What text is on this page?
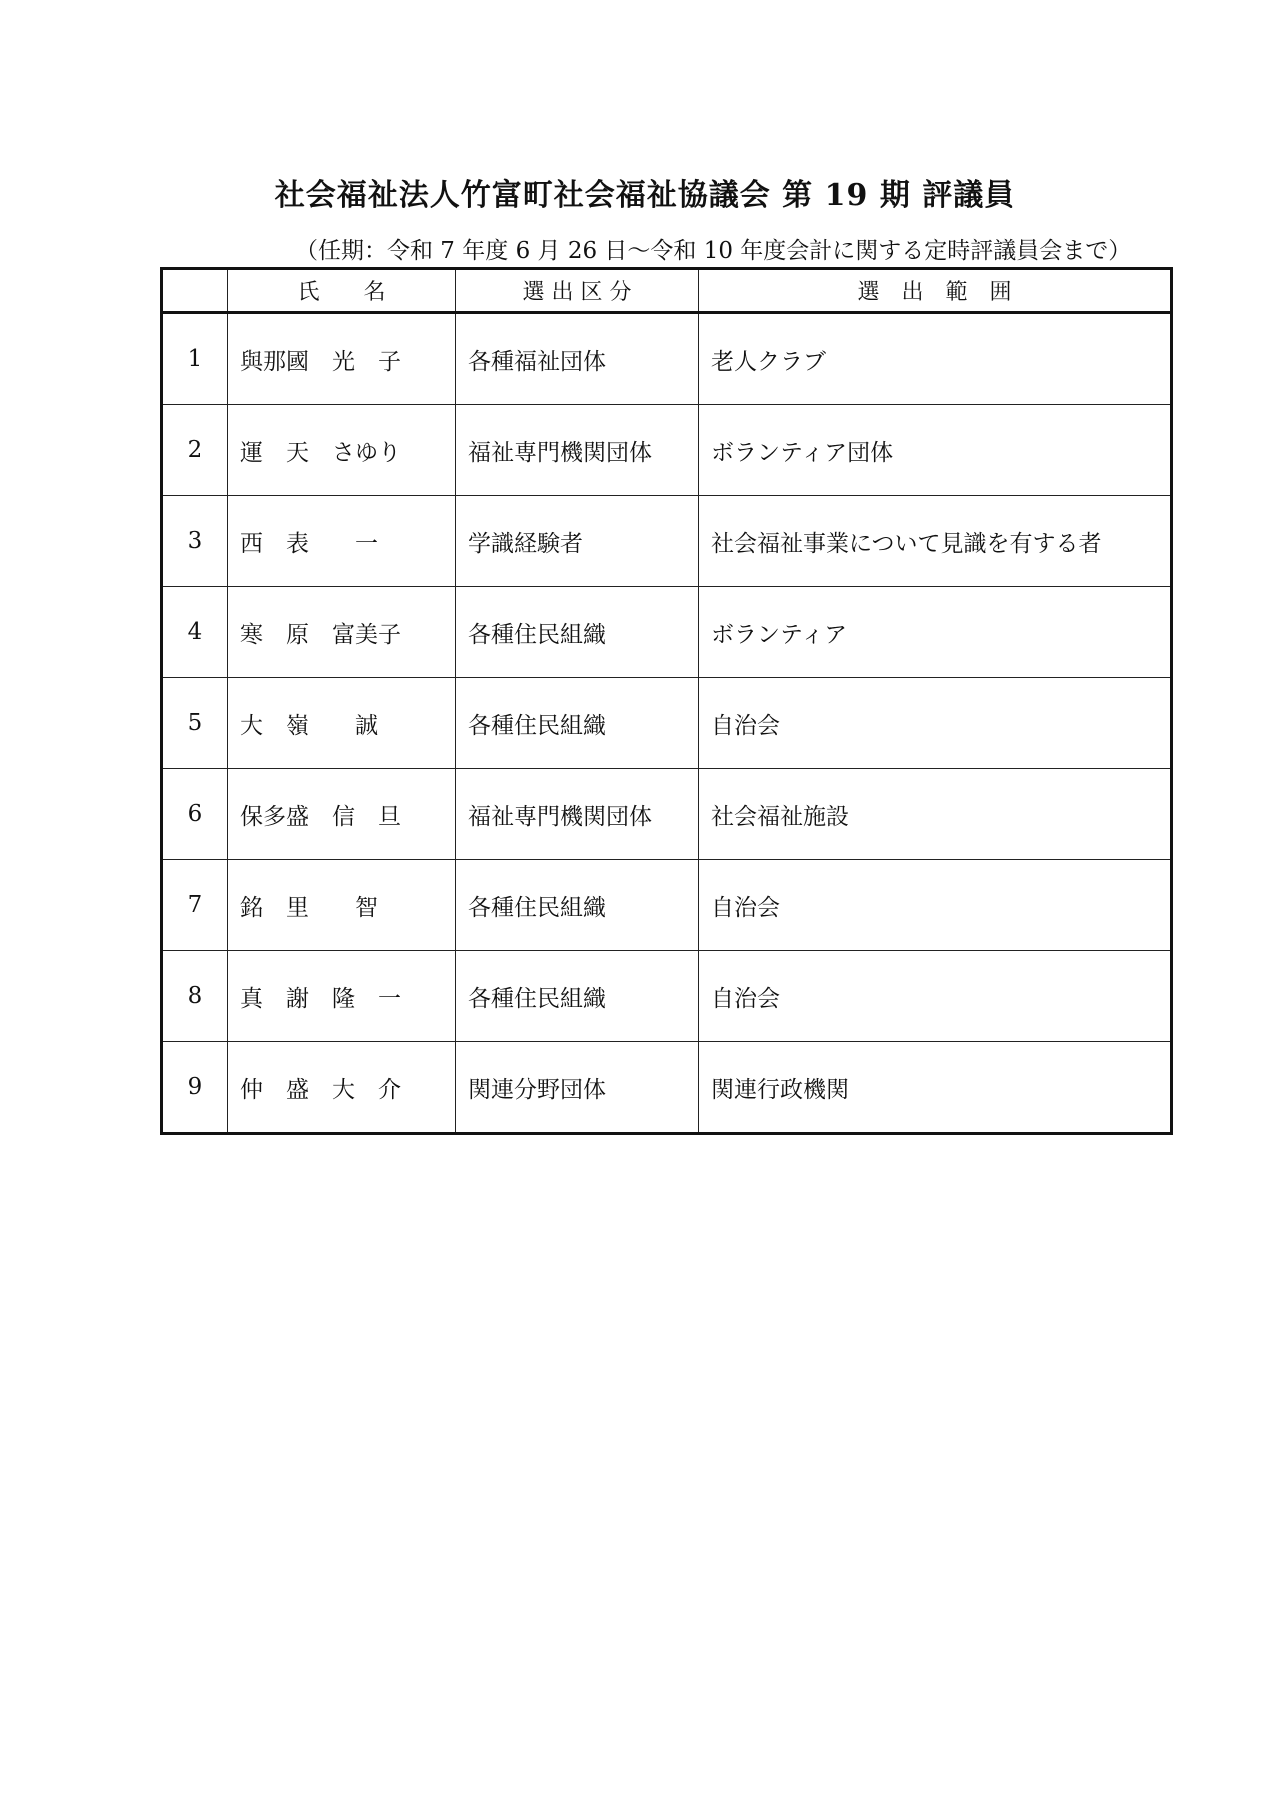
社会福祉法人竹富町社会福祉協議会 第 19 期 評議員
（任期：令和 7 年度 6 月 26 日～令和 10 年度会計に関する定時評議員会まで）
	氏　　名	選 出 区 分	選　出　範　囲
1	與那國　光　子	各種福祉団体	老人クラブ
2	運　天　さゆり	福祉専門機関団体	ボランティア団体
3	西　表　　一	学識経験者	社会福祉事業について見識を有する者
4	寒　原　富美子	各種住民組織	ボランティア
5	大　嶺　　誠	各種住民組織	自治会
6	保多盛　信　旦	福祉専門機関団体	社会福祉施設
7	銘　里　　智	各種住民組織	自治会
8	真　謝　隆　一	各種住民組織	自治会
9	仲　盛　大　介	関連分野団体	関連行政機関
